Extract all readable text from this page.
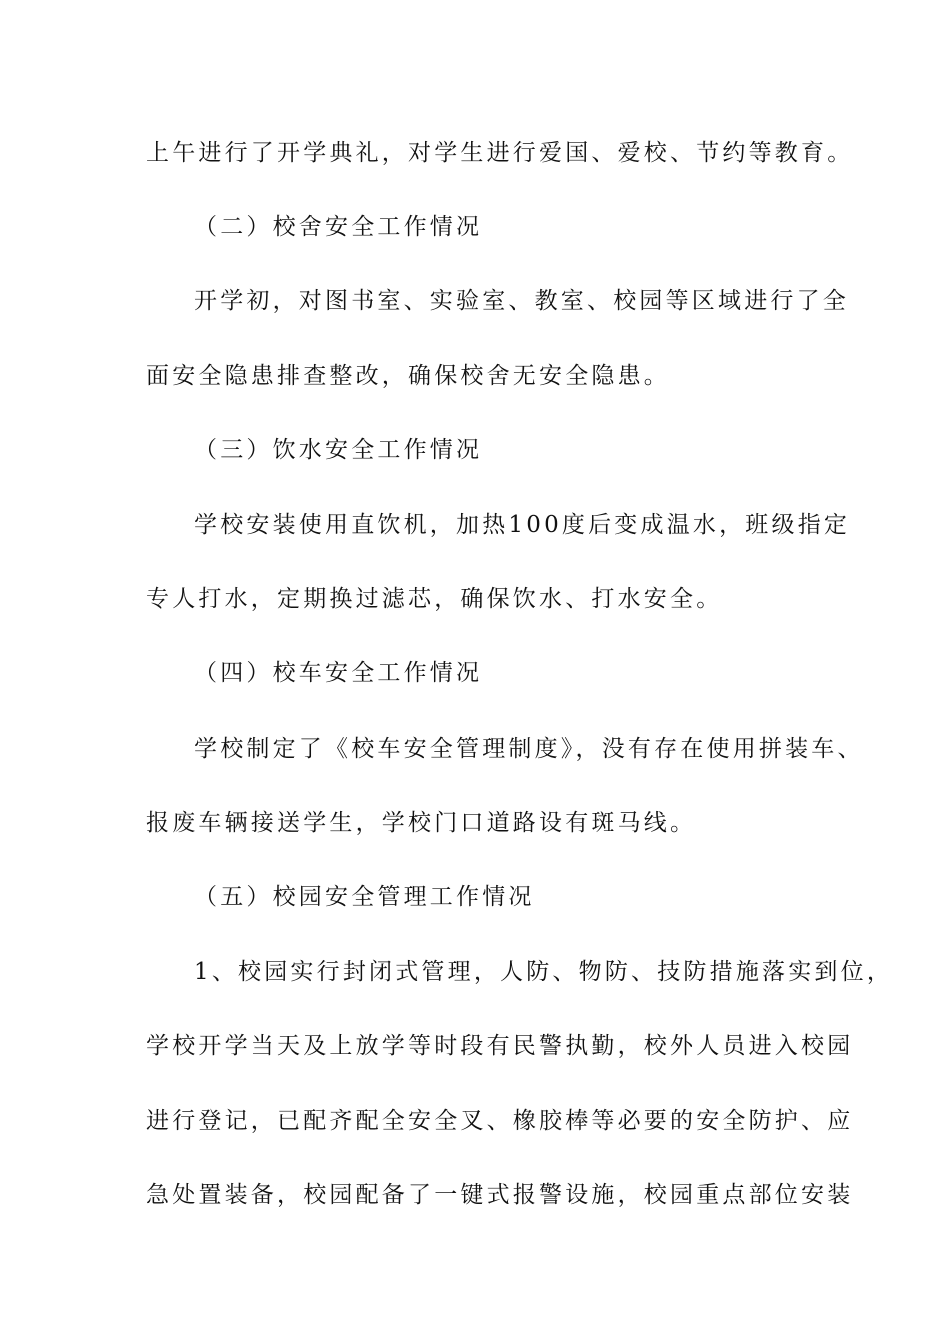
上午进行了开学典礼，对学生进行爱国、爱校、节约等教育。
（二）校舍安全工作情况
开学初，对图书室、实验室、教室、校园等区域进行了全
面安全隐患排查整改，确保校舍无安全隐患。
（三）饮水安全工作情况
学校安装使用直饮机，加热100度后变成温水，班级指定
专人打水，定期换过滤芯，确保饮水、打水安全。
（四）校车安全工作情况
学校制定了《校车安全管理制度》，没有存在使用拼装车、
报废车辆接送学生，学校门口道路设有斑马线。
（五）校园安全管理工作情况
1、校园实行封闭式管理，人防、物防、技防措施落实到位，
学校开学当天及上放学等时段有民警执勤，校外人员进入校园
进行登记，已配齐配全安全叉、橡胶棒等必要的安全防护、应
急处置装备，校园配备了一键式报警设施，校园重点部位安装
